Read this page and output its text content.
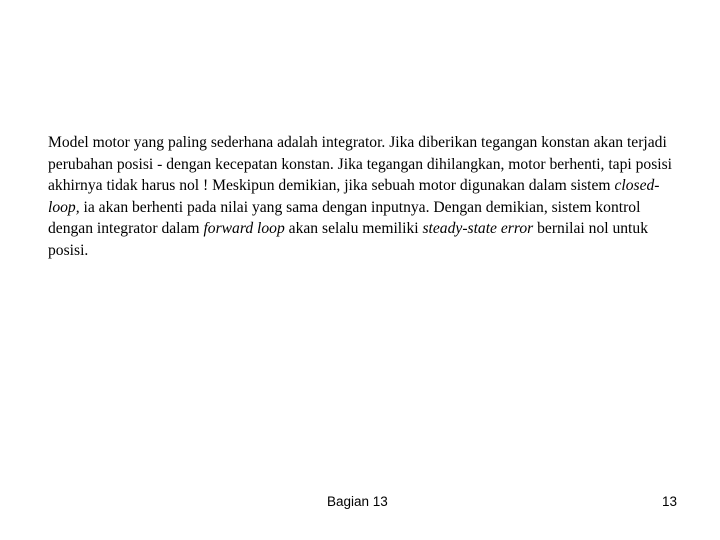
Model motor yang paling sederhana adalah integrator. Jika diberikan tegangan konstan akan terjadi perubahan posisi - dengan kecepatan konstan. Jika tegangan dihilangkan, motor berhenti, tapi posisi akhirnya tidak harus nol ! Meskipun demikian, jika sebuah motor digunakan dalam sistem closed-loop, ia akan berhenti pada nilai yang sama dengan inputnya. Dengan demikian, sistem kontrol dengan integrator dalam forward loop akan selalu memiliki steady-state error bernilai nol untuk posisi.

Bagian 13	13
